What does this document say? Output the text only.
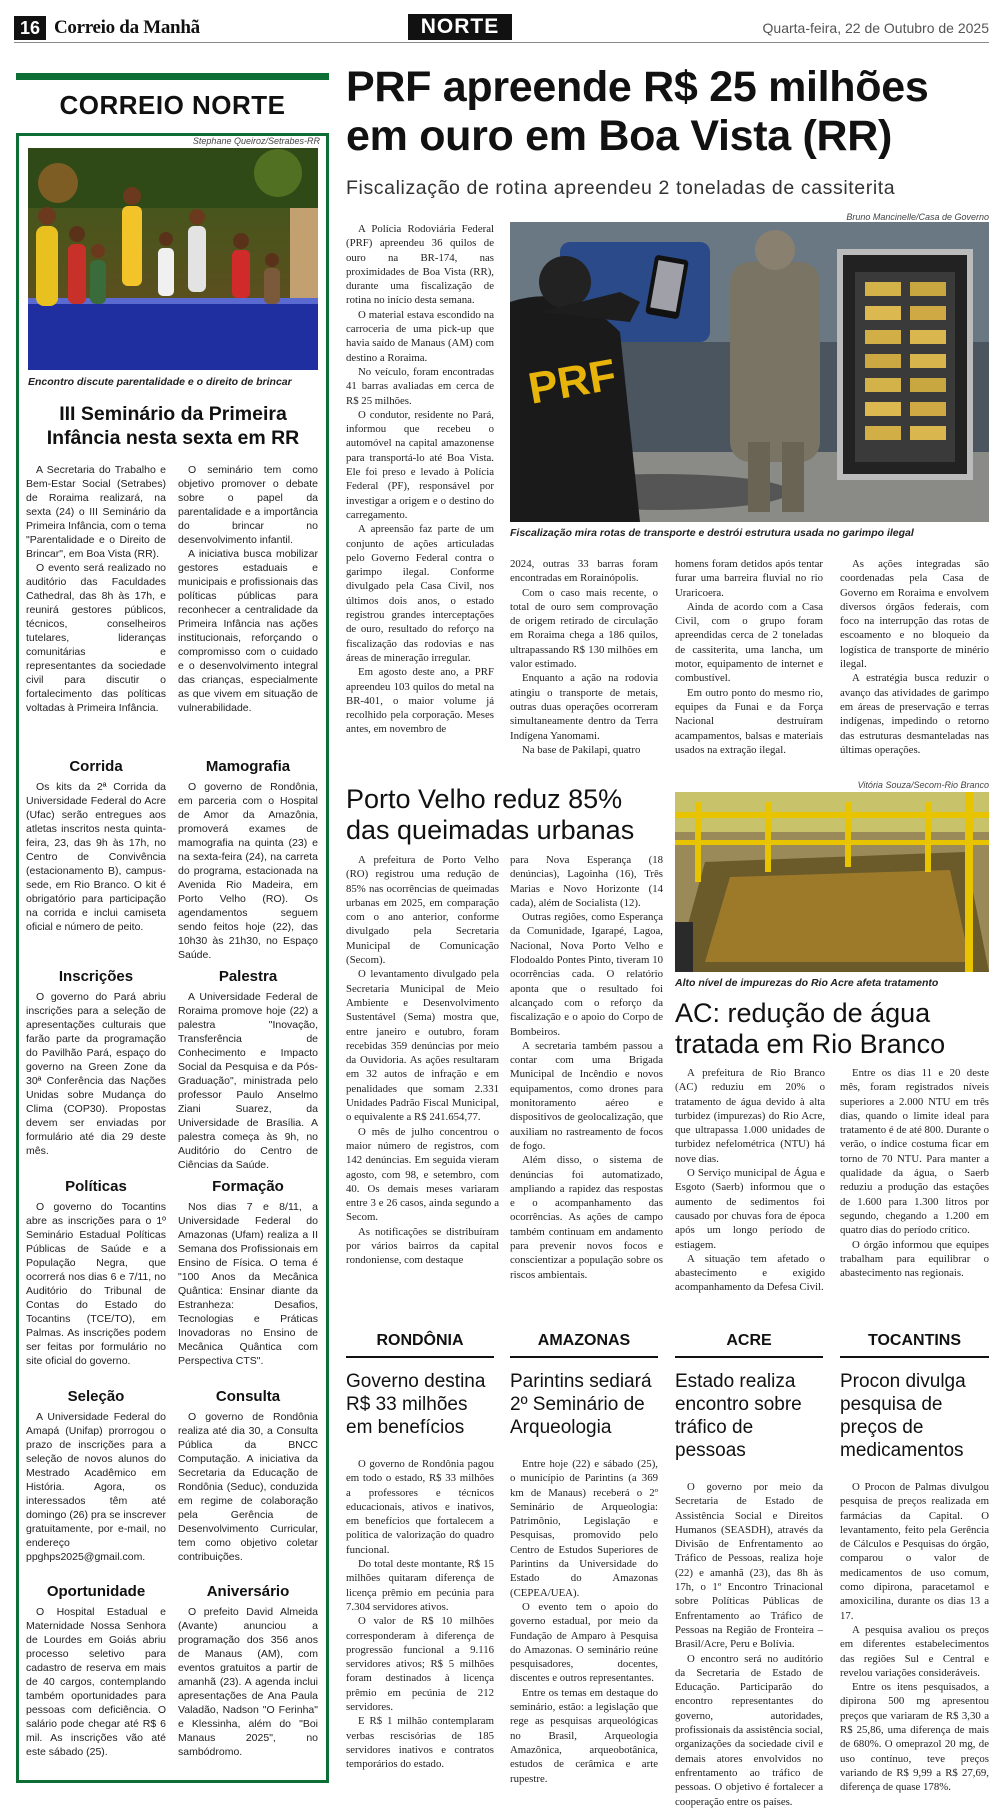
16 Correio da Manhã	NORTE	Quarta-feira, 22 de Outubro de 2025
CORREIO NORTE
Stephane Queiroz/Setrabes-RR
Encontro discute parentalidade e o direito de brincar
III Seminário da Primeira Infância nesta sexta em RR

A Secretaria do Trabalho e Bem-Estar Social (Setrabes) de Roraima realizará, na sexta (24) o III Seminário da Primeira Infância, com o tema "Parentalidade e o Direito de Brincar", em Boa Vista (RR).

O evento será realizado no auditório das Faculdades Cathedral, das 8h às 17h, e reunirá gestores públicos, técnicos, conselheiros tutelares, lideranças comunitárias e representantes da sociedade civil para discutir o fortalecimento das políticas voltadas à Primeira Infância.

O seminário tem como objetivo promover o debate sobre o papel da parentalidade e a importância do brincar no desenvolvimento infantil.

A iniciativa busca mobilizar gestores estaduais e municipais e profissionais das políticas públicas para reconhecer a centralidade da Primeira Infância nas ações institucionais, reforçando o compromisso com o cuidado e o desenvolvimento integral das crianças, especialmente as que vivem em situação de vulnerabilidade.

Corrida

Os kits da 2ª Corrida da Universidade Federal do Acre (Ufac) serão entregues aos atletas inscritos nesta quinta-feira, 23, das 9h às 17h, no Centro de Convivência (estacionamento B), campus-sede, em Rio Branco. O kit é obrigatório para participação na corrida e inclui camiseta oficial e número de peito.

Mamografia

O governo de Rondônia, em parceria com o Hospital de Amor da Amazônia, promoverá exames de mamografia na quinta (23) e na sexta-feira (24), na carreta do programa, estacionada na Avenida Rio Madeira, em Porto Velho (RO). Os agendamentos seguem sendo feitos hoje (22), das 10h30 às 21h30, no Espaço Saúde.

Inscrições

O governo do Pará abriu inscrições para a seleção de apresentações culturais que farão parte da programação do Pavilhão Pará, espaço do governo na Green Zone da 30ª Conferência das Nações Unidas sobre Mudança do Clima (COP30). Propostas devem ser enviadas por formulário até dia 29 deste mês.

Palestra

A Universidade Federal de Roraima promove hoje (22) a palestra "Inovação, Transferência de Conhecimento e Impacto Social da Pesquisa e da Pós-Graduação", ministrada pelo professor Paulo Anselmo Ziani Suarez, da Universidade de Brasília. A palestra começa às 9h, no Auditório do Centro de Ciências da Saúde.

Políticas

O governo do Tocantins abre as inscrições para o 1º Seminário Estadual Políticas Públicas de Saúde e a População Negra, que ocorrerá nos dias 6 e 7/11, no Auditório do Tribunal de Contas do Estado do Tocantins (TCE/TO), em Palmas. As inscrições podem ser feitas por formulário no site oficial do governo.

Formação

Nos dias 7 e 8/11, a Universidade Federal do Amazonas (Ufam) realiza a II Semana dos Profissionais em Ensino de Física. O tema é "100 Anos da Mecânica Quântica: Ensinar diante da Estranheza: Desafios, Tecnologias e Práticas Inovadoras no Ensino de Mecânica Quântica com Perspectiva CTS".

Seleção

A Universidade Federal do Amapá (Unifap) prorrogou o prazo de inscrições para a seleção de novos alunos do Mestrado Acadêmico em História. Agora, os interessados têm até domingo (26) pra se inscrever gratuitamente, por e-mail, no endereço ppghps2025@gmail.com.

Consulta

O governo de Rondônia realiza até dia 30, a Consulta Pública da BNCC Computação. A iniciativa da Secretaria da Educação de Rondônia (Seduc), conduzida em regime de colaboração pela Gerência de Desenvolvimento Curricular, tem como objetivo coletar contribuições.

Oportunidade

O Hospital Estadual e Maternidade Nossa Senhora de Lourdes em Goiás abriu processo seletivo para cadastro de reserva em mais de 40 cargos, contemplando também oportunidades para pessoas com deficiência. O salário pode chegar até R$ 6 mil. As inscrições vão até este sábado (25).

Aniversário

O prefeito David Almeida (Avante) anunciou a programação dos 356 anos de Manaus (AM), com eventos gratuitos a partir de amanhã (23). A agenda inclui apresentações de Ana Paula Valadão, Nadson "O Ferinha" e Klessinha, além do "Boi Manaus 2025", no sambódromo.

PRF apreende R$ 25 milhões em ouro em Boa Vista (RR)
Fiscalização de rotina apreendeu 2 toneladas de cassiterita

A Polícia Rodoviária Federal (PRF) apreendeu 36 quilos de ouro na BR-174, nas proximidades de Boa Vista (RR), durante uma fiscalização de rotina no início desta semana.

O material estava escondido na carroceria de uma pick-up que havia saído de Manaus (AM) com destino a Roraima.

No veículo, foram encontradas 41 barras avaliadas em cerca de R$ 25 milhões.

O condutor, residente no Pará, informou que recebeu o automóvel na capital amazonense para transportá-lo até Boa Vista. Ele foi preso e levado à Polícia Federal (PF), responsável por investigar a origem e o destino do carregamento.

A apreensão faz parte de um conjunto de ações articuladas pelo Governo Federal contra o garimpo ilegal. Conforme divulgado pela Casa Civil, nos últimos dois anos, o estado registrou grandes interceptações de ouro, resultado do reforço na fiscalização das rodovias e nas áreas de mineração irregular.

Em agosto deste ano, a PRF apreendeu 103 quilos do metal na BR-401, o maior volume já recolhido pela corporação. Meses antes, em novembro de

Bruno Mancinelle/Casa de Governo
PRF
Fiscalização mira rotas de transporte e destrói estrutura usada no garimpo ilegal

2024, outras 33 barras foram encontradas em Rorainópolis.

Com o caso mais recente, o total de ouro sem comprovação de origem retirado de circulação em Roraima chega a 186 quilos, ultrapassando R$ 130 milhões em valor estimado.

Enquanto a ação na rodovia atingiu o transporte de metais, outras duas operações ocorreram simultaneamente dentro da Terra Indígena Yanomami.

Na base de Pakilapi, quatro

homens foram detidos após tentar furar uma barreira fluvial no rio Uraricoera.

Ainda de acordo com a Casa Civil, com o grupo foram apreendidas cerca de 2 toneladas de cassiterita, uma lancha, um motor, equipamento de internet e combustível.

Em outro ponto do mesmo rio, equipes da Funai e da Força Nacional destruíram acampamentos, balsas e materiais usados na extração ilegal.

As ações integradas são coordenadas pela Casa de Governo em Roraima e envolvem diversos órgãos federais, com foco na interrupção das rotas de escoamento e no bloqueio da logística de transporte de minério ilegal.

A estratégia busca reduzir o avanço das atividades de garimpo em áreas de preservação e terras indígenas, impedindo o retorno das estruturas desmanteladas nas últimas operações.

Porto Velho reduz 85% das queimadas urbanas

A prefeitura de Porto Velho (RO) registrou uma redução de 85% nas ocorrências de queimadas urbanas em 2025, em comparação com o ano anterior, conforme divulgado pela Secretaria Municipal de Comunicação (Secom).

O levantamento divulgado pela Secretaria Municipal de Meio Ambiente e Desenvolvimento Sustentável (Sema) mostra que, entre janeiro e outubro, foram recebidas 359 denúncias por meio da Ouvidoria. As ações resultaram em 32 autos de infração e em penalidades que somam 2.331 Unidades Padrão Fiscal Municipal, o equivalente a R$ 241.654,77.

O mês de julho concentrou o maior número de registros, com 142 denúncias. Em seguida vieram agosto, com 98, e setembro, com 40. Os demais meses variaram entre 3 e 26 casos, ainda segundo a Secom.

As notificações se distribuíram por vários bairros da capital rondoniense, com destaque

para Nova Esperança (18 denúncias), Lagoinha (16), Três Marias e Novo Horizonte (14 cada), além de Socialista (12).

Outras regiões, como Esperança da Comunidade, Igarapé, Lagoa, Nacional, Nova Porto Velho e Flodoaldo Pontes Pinto, tiveram 10 ocorrências cada. O relatório aponta que o resultado foi alcançado com o reforço da fiscalização e o apoio do Corpo de Bombeiros.

A secretaria também passou a contar com uma Brigada Municipal de Incêndio e novos equipamentos, como drones para monitoramento aéreo e dispositivos de geolocalização, que auxiliam no rastreamento de focos de fogo.

Além disso, o sistema de denúncias foi automatizado, ampliando a rapidez das respostas e o acompanhamento das ocorrências. As ações de campo também continuam em andamento para prevenir novos focos e conscientizar a população sobre os riscos ambientais.

Vitória Souza/Secom-Rio Branco
Alto nível de impurezas do Rio Acre afeta tratamento
AC: redução de água tratada em Rio Branco

A prefeitura de Rio Branco (AC) reduziu em 20% o tratamento de água devido à alta turbidez (impurezas) do Rio Acre, que ultrapassa 1.000 unidades de turbidez nefelométrica (NTU) há nove dias.

O Serviço municipal de Água e Esgoto (Saerb) informou que o aumento de sedimentos foi causado por chuvas fora de época após um longo período de estiagem.

A situação tem afetado o abastecimento e exigido acompanhamento da Defesa Civil.

Entre os dias 11 e 20 deste mês, foram registrados níveis superiores a 2.000 NTU em três dias, quando o limite ideal para tratamento é de até 800. Durante o verão, o índice costuma ficar em torno de 70 NTU. Para manter a qualidade da água, o Saerb reduziu a produção das estações de 1.600 para 1.300 litros por segundo, chegando a 1.200 em quatro dias do período crítico.

O órgão informou que equipes trabalham para equilibrar o abastecimento nas regionais.

RONDÔNIA
Governo destina R$ 33 milhões em benefícios

O governo de Rondônia pagou em todo o estado, R$ 33 milhões a professores e técnicos educacionais, ativos e inativos, em benefícios que fortalecem a política de valorização do quadro funcional.

Do total deste montante, R$ 15 milhões quitaram diferença de licença prêmio em pecúnia para 7.304 servidores ativos.

O valor de R$ 10 milhões corresponderam à diferença de progressão funcional a 9.116 servidores ativos; R$ 5 milhões foram destinados à licença prêmio em pecúnia de 212 servidores.

E R$ 1 milhão contemplaram verbas rescisórias de 185 servidores inativos e contratos temporários do estado.

AMAZONAS
Parintins sediará 2º Seminário de Arqueologia

Entre hoje (22) e sábado (25), o município de Parintins (a 369 km de Manaus) receberá o 2º Seminário de Arqueologia: Patrimônio, Legislação e Pesquisas, promovido pelo Centro de Estudos Superiores de Parintins da Universidade do Estado do Amazonas (CEPEA/UEA).

O evento tem o apoio do governo estadual, por meio da Fundação de Amparo à Pesquisa do Amazonas. O seminário reúne pesquisadores, docentes, discentes e outros representantes.

Entre os temas em destaque do seminário, estão: a legislação que rege as pesquisas arqueológicas no Brasil, Arqueologia Amazônica, arqueobotânica, estudos de cerâmica e arte rupestre.

ACRE
Estado realiza encontro sobre tráfico de pessoas

O governo por meio da Secretaria de Estado de Assistência Social e Direitos Humanos (SEASDH), através da Divisão de Enfrentamento ao Tráfico de Pessoas, realiza hoje (22) e amanhã (23), das 8h às 17h, o 1º Encontro Trinacional sobre Políticas Públicas de Enfrentamento ao Tráfico de Pessoas na Região de Fronteira – Brasil/Acre, Peru e Bolívia.

O encontro será no auditório da Secretaria de Estado de Educação. Participarão do encontro representantes do governo, autoridades, profissionais da assistência social, organizações da sociedade civil e demais atores envolvidos no enfrentamento ao tráfico de pessoas. O objetivo é fortalecer a cooperação entre os países.

TOCANTINS
Procon divulga pesquisa de preços de medicamentos

O Procon de Palmas divulgou pesquisa de preços realizada em farmácias da Capital. O levantamento, feito pela Gerência de Cálculos e Pesquisas do órgão, comparou o valor de medicamentos de uso comum, como dipirona, paracetamol e amoxicilina, durante os dias 13 a 17.

A pesquisa avaliou os preços em diferentes estabelecimentos das regiões Sul e Central e revelou variações consideráveis.

Entre os itens pesquisados, a dipirona 500 mg apresentou preços que variaram de R$ 3,30 a R$ 25,86, uma diferença de mais de 680%. O omeprazol 20 mg, de uso contínuo, teve preços variando de R$ 9,99 a R$ 27,69, diferença de quase 178%.
